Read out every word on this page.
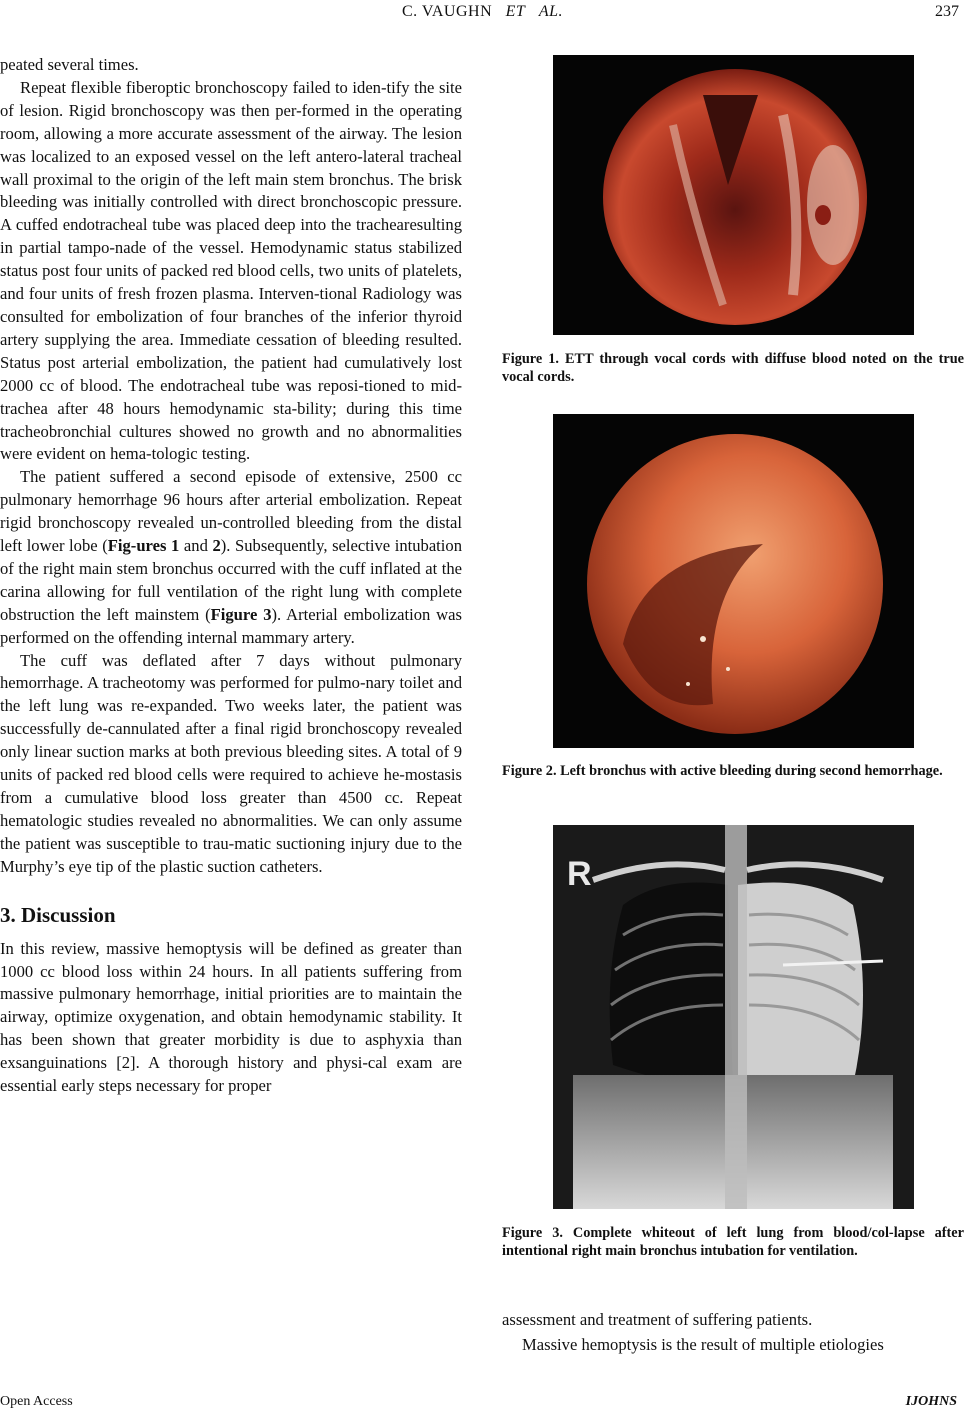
C. VAUGHN ET AL.	237

peated several times.

Repeat flexible fiberoptic bronchoscopy failed to iden-tify the site of lesion. Rigid bronchoscopy was then per-formed in the operating room, allowing a more accurate assessment of the airway. The lesion was localized to an exposed vessel on the left antero-lateral tracheal wall proximal to the origin of the left main stem bronchus. The brisk bleeding was initially controlled with direct bronchoscopic pressure. A cuffed endotracheal tube was placed deep into the trachearesulting in partial tampo-nade of the vessel. Hemodynamic status stabilized status post four units of packed red blood cells, two units of platelets, and four units of fresh frozen plasma. Interven-tional Radiology was consulted for embolization of four branches of the inferior thyroid artery supplying the area. Immediate cessation of bleeding resulted. Status post arterial embolization, the patient had cumulatively lost 2000 cc of blood. The endotracheal tube was reposi-tioned to mid-trachea after 48 hours hemodynamic sta-bility; during this time tracheobronchial cultures showed no growth and no abnormalities were evident on hema-tologic testing.

The patient suffered a second episode of extensive, 2500 cc pulmonary hemorrhage 96 hours after arterial embolization. Repeat rigid bronchoscopy revealed un-controlled bleeding from the distal left lower lobe (Fig-ures 1 and 2). Subsequently, selective intubation of the right main stem bronchus occurred with the cuff inflated at the carina allowing for full ventilation of the right lung with complete obstruction the left mainstem (Figure 3). Arterial embolization was performed on the offending internal mammary artery.

The cuff was deflated after 7 days without pulmonary hemorrhage. A tracheotomy was performed for pulmo-nary toilet and the left lung was re-expanded. Two weeks later, the patient was successfully de-cannulated after a final rigid bronchoscopy revealed only linear suction marks at both previous bleeding sites. A total of 9 units of packed red blood cells were required to achieve he-mostasis from a cumulative blood loss greater than 4500 cc. Repeat hematologic studies revealed no abnormalities. We can only assume the patient was susceptible to trau-matic suctioning injury due to the Murphy’s eye tip of the plastic suction catheters.

3. Discussion

In this review, massive hemoptysis will be defined as greater than 1000 cc blood loss within 24 hours. In all patients suffering from massive pulmonary hemorrhage, initial priorities are to maintain the airway, optimize oxygenation, and obtain hemodynamic stability. It has been shown that greater morbidity is due to asphyxia than exsanguinations [2]. A thorough history and physi-cal exam are essential early steps necessary for proper

Figure 1. ETT through vocal cords with diffuse blood noted on the true vocal cords.
Figure 2. Left bronchus with active bleeding during second hemorrhage.
R
Figure 3. Complete whiteout of left lung from blood/col-lapse after intentional right main bronchus intubation for ventilation.
assessment and treatment of suffering patients.
Massive hemoptysis is the result of multiple etiologies
Open Access	IJOHNS
